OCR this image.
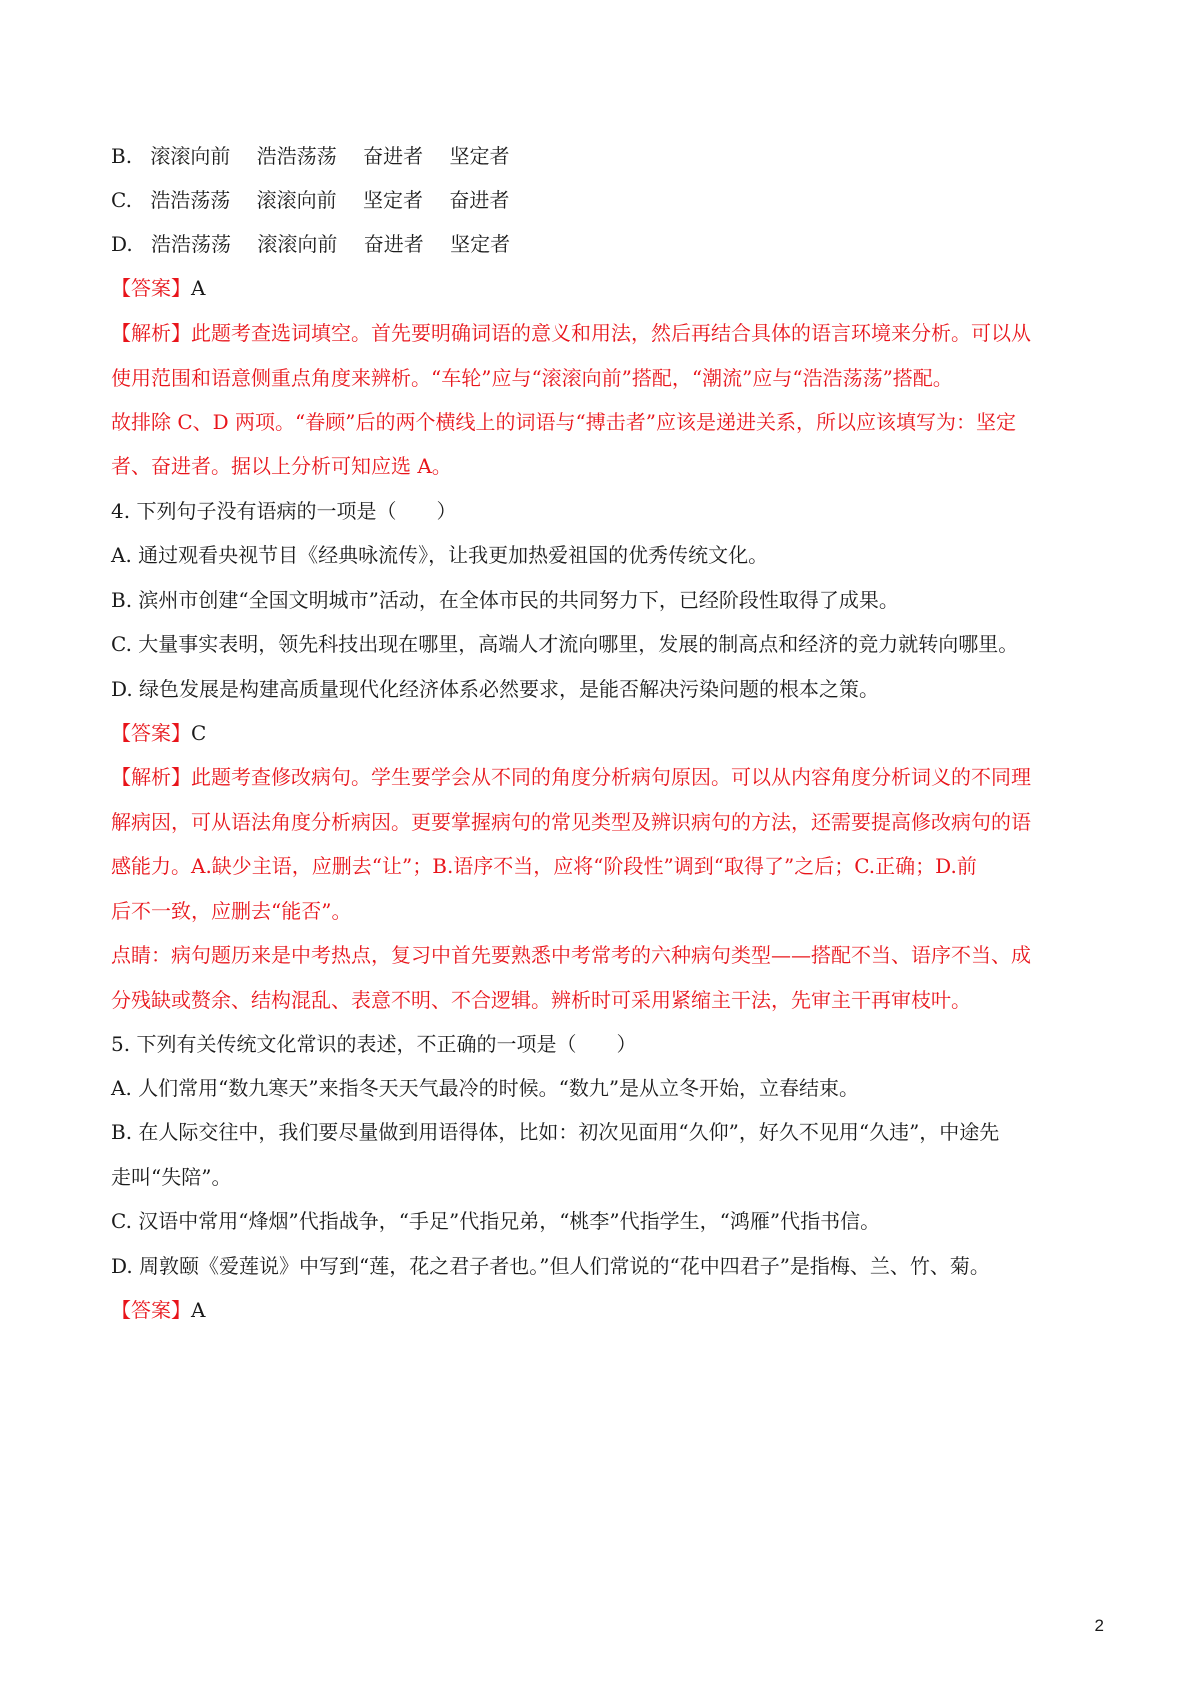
B. 滚滚向前 浩浩荡荡 奋进者 坚定者
C. 浩浩荡荡 滚滚向前 坚定者 奋进者
D. 浩浩荡荡 滚滚向前 奋进者 坚定者
【答案】A
【解析】此题考查选词填空。首先要明确词语的意义和用法，然后再结合具体的语言环境来分析。可以从
使用范围和语意侧重点角度来辨析。“车轮”应与“滚滚向前”搭配，“潮流”应与“浩浩荡荡”搭配。
故排除 C、D 两项。“眷顾”后的两个横线上的词语与“搏击者”应该是递进关系，所以应该填写为：坚定
者、奋进者。据以上分析可知应选 A。
4. 下列句子没有语病的一项是（　　）
A. 通过观看央视节目《经典咏流传》，让我更加热爱祖国的优秀传统文化。
B. 滨州市创建“全国文明城市”活动，在全体市民的共同努力下，已经阶段性取得了成果。
C. 大量事实表明，领先科技出现在哪里，高端人才流向哪里，发展的制高点和经济的竞力就转向哪里。
D. 绿色发展是构建高质量现代化经济体系必然要求，是能否解决污染问题的根本之策。
【答案】C
【解析】此题考查修改病句。学生要学会从不同的角度分析病句原因。可以从内容角度分析词义的不同理
解病因，可从语法角度分析病因。更要掌握病句的常见类型及辨识病句的方法，还需要提高修改病句的语
感能力。A.缺少主语，应删去“让”；B.语序不当，应将“阶段性”调到“取得了”之后；C.正确；D.前
后不一致，应删去“能否”。
点睛：病句题历来是中考热点，复习中首先要熟悉中考常考的六种病句类型——搭配不当、语序不当、成
分残缺或赘余、结构混乱、表意不明、不合逻辑。辨析时可采用紧缩主干法，先审主干再审枝叶。
5. 下列有关传统文化常识的表述，不正确的一项是（　　）
A. 人们常用“数九寒天”来指冬天天气最冷的时候。“数九”是从立冬开始，立春结束。
B. 在人际交往中，我们要尽量做到用语得体，比如：初次见面用“久仰”，好久不见用“久违”，中途先
走叫“失陪”。
C. 汉语中常用“烽烟”代指战争，“手足”代指兄弟，“桃李”代指学生，“鸿雁”代指书信。
D. 周敦颐《爱莲说》中写到“莲，花之君子者也。”但人们常说的“花中四君子”是指梅、兰、竹、菊。
【答案】A
2
